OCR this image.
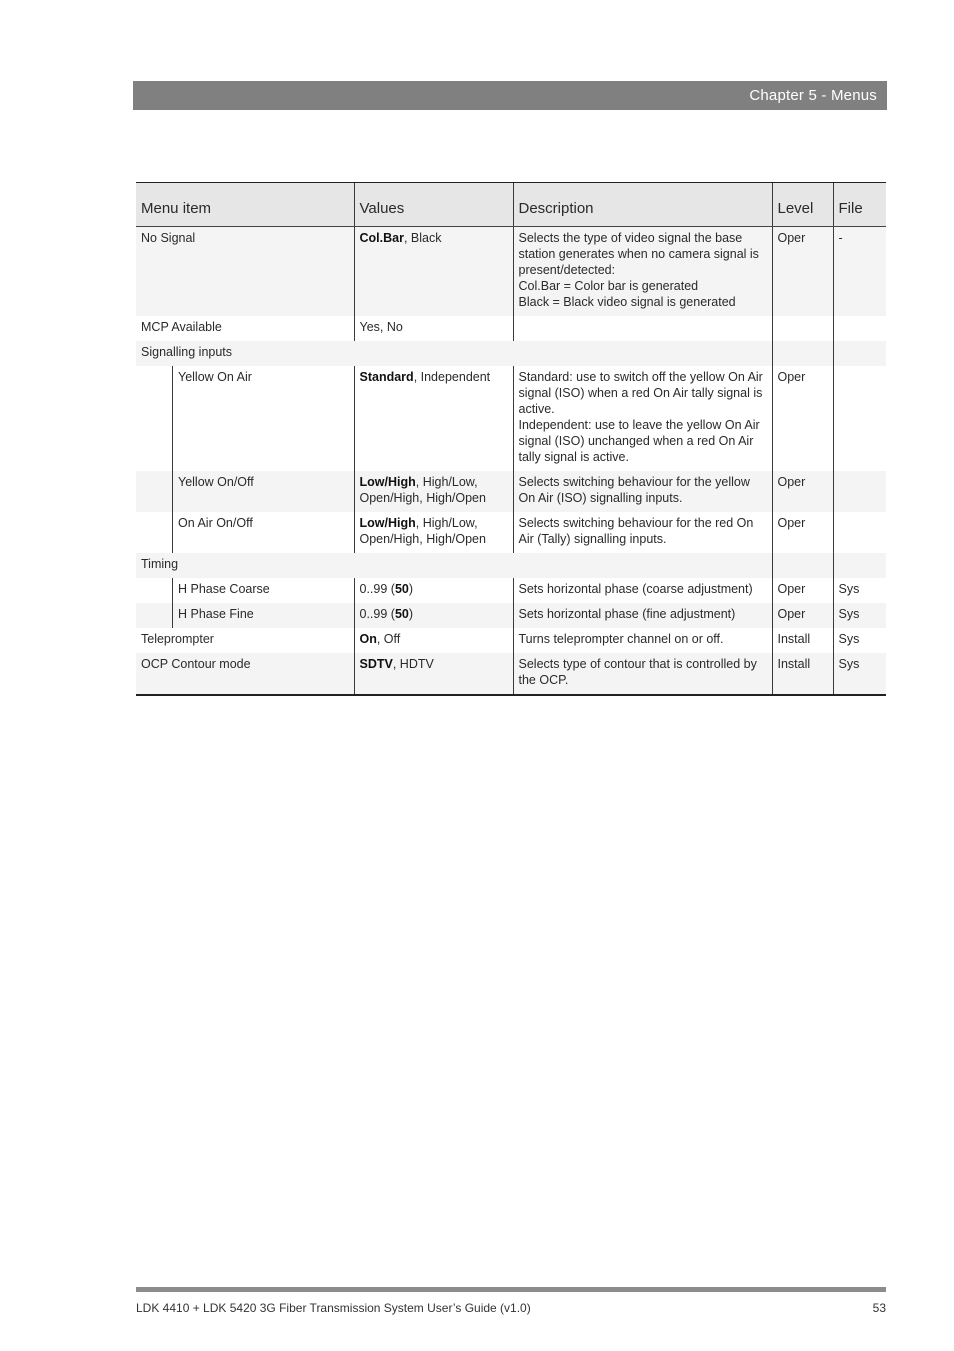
Chapter 5 - Menus
Menu item	Values	Description	Level	File
No Signal	Col.Bar, Black	Selects the type of video signal the base station generates when no camera signal is present/detected:
Col.Bar = Color bar is generated
Black = Black video signal is generated	Oper	-
MCP Available	Yes, No			
Signalling inputs				

Yellow On Air	Standard, Independent	Standard: use to switch off the yellow On Air signal (ISO) when a red On Air tally signal is active.
Independent: use to leave the yellow On Air signal (ISO) unchanged when a red On Air tally signal is active.	Oper	

Yellow On/Off	Low/High, High/Low, Open/High, High/Open	Selects switching behaviour for the yellow On Air (ISO) signalling inputs.	Oper	

On Air On/Off	Low/High, High/Low, Open/High, High/Open	Selects switching behaviour for the red On Air (Tally) signalling inputs.	Oper	
Timing				

H Phase Coarse	0..99 (50)	Sets horizontal phase (coarse adjustment)	Oper	Sys

H Phase Fine	0..99 (50)	Sets horizontal phase (fine adjustment)	Oper	Sys
Teleprompter	On, Off	Turns teleprompter channel on or off.	Install	Sys
OCP Contour mode	SDTV, HDTV	Selects type of contour that is controlled by the OCP.	Install	Sys
LDK 4410 + LDK 5420 3G Fiber Transmission System User’s Guide (v1.0)	53
